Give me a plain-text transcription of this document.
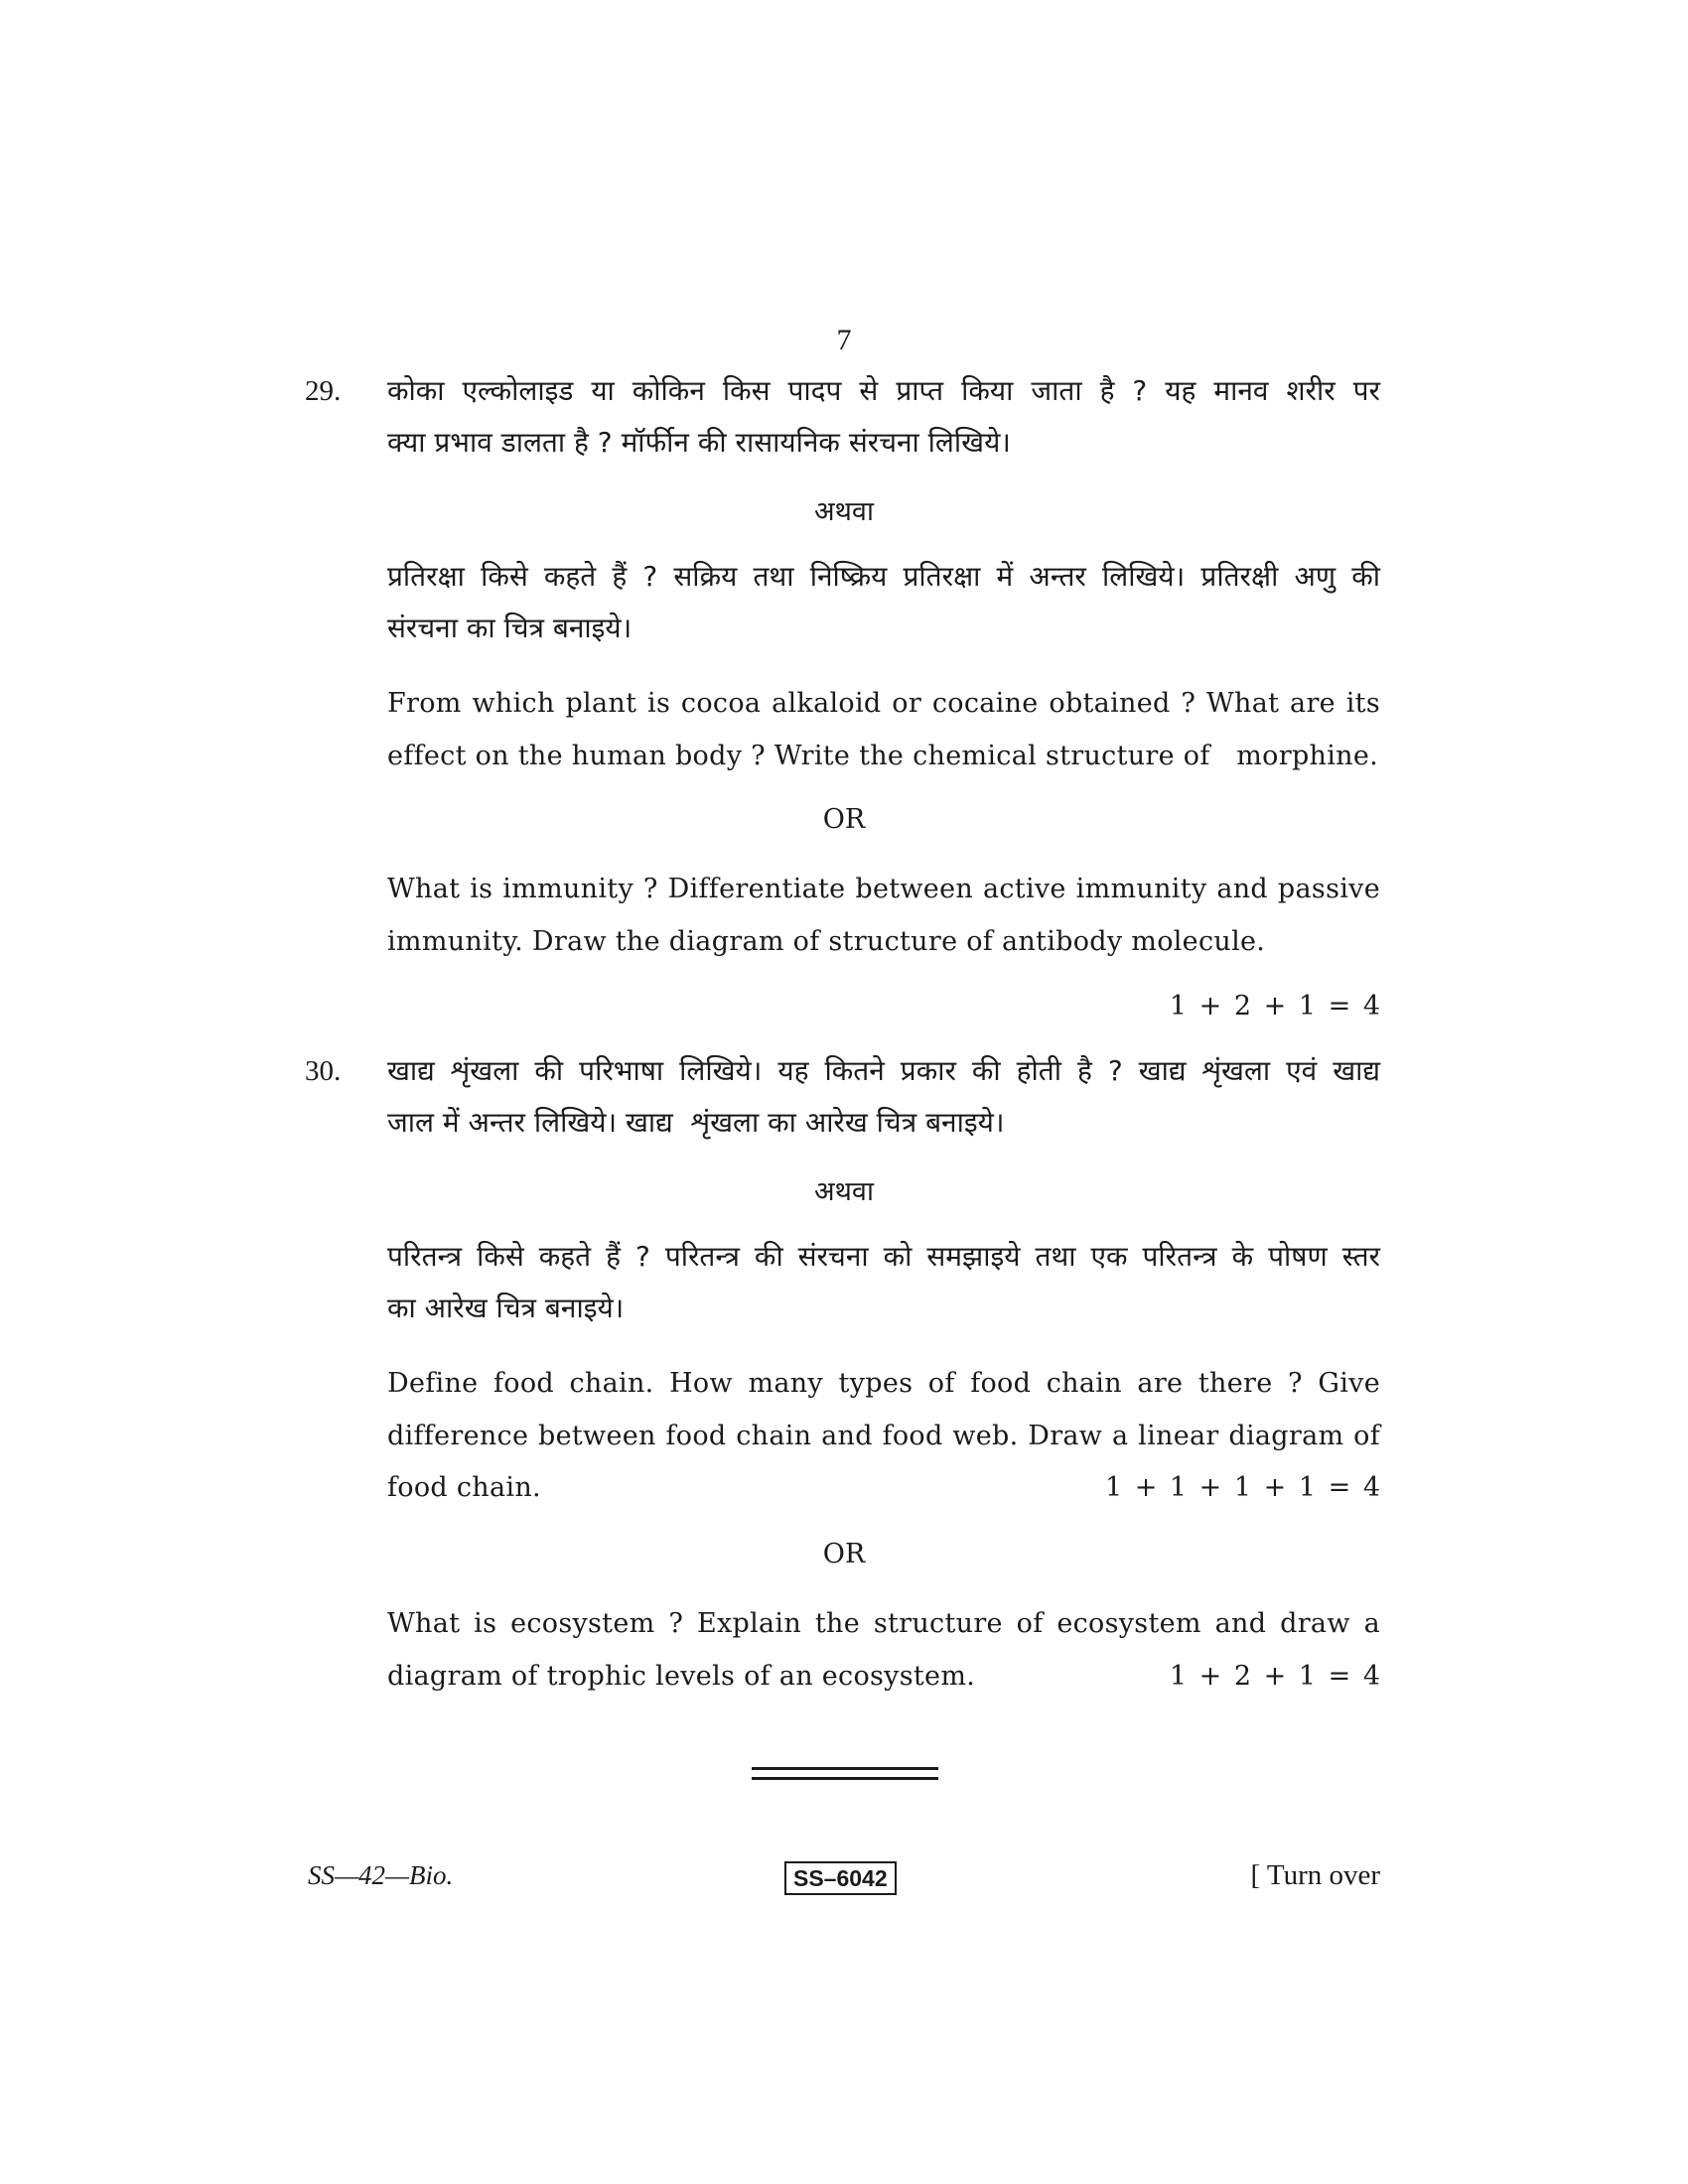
7
29. कोका एल्कोलाइड या कोकिन किस पादप से प्राप्त किया जाता है ? यह मानव शरीर पर
क्या प्रभाव डालता है ? मॉर्फीन की रासायनिक संरचना लिखिये।

अथवा

प्रतिरक्षा किसे कहते हैं ? सक्रिय तथा निष्क्रिय प्रतिरक्षा में अन्तर लिखिये। प्रतिरक्षी अणु की
संरचना का चित्र बनाइये।

From which plant is cocoa alkaloid or cocaine obtained ? What are its
effect on the human body ? Write the chemical structure of   morphine.

OR

What is immunity ? Differentiate between active immunity and passive
immunity. Draw the diagram of structure of antibody molecule.

1 + 2 + 1 = 4
30. खाद्य शृंखला की परिभाषा लिखिये। यह कितने प्रकार की होती है ? खाद्य शृंखला एवं खाद्य
जाल में अन्तर लिखिये। खाद्य  शृंखला का आरेख चित्र बनाइये।

अथवा

परितन्त्र किसे कहते हैं ? परितन्त्र की संरचना को समझाइये तथा एक परितन्त्र के पोषण स्तर
का आरेख चित्र बनाइये।

Define food chain. How many types of food chain are there ? Give difference between food chain and food web. Draw a linear diagram of

food chain.	1 + 1 + 1 + 1 = 4
OR

What is ecosystem ? Explain the structure of ecosystem and draw a

diagram of trophic levels of an ecosystem.	1 + 2 + 1 = 4
SS—42—Bio.	SS–6042	[ Turn over
